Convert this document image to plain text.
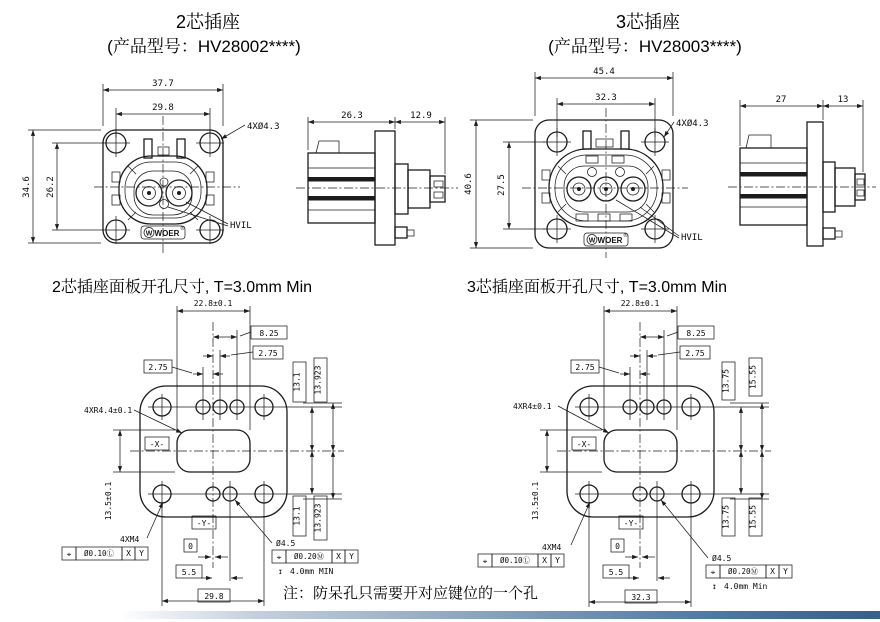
2芯插座
(产品型号：HV28002****)
3芯插座
(产品型号：HV28003****)
2芯插座面板开孔尺寸, T=3.0mm Min	3芯插座面板开孔尺寸, T=3.0mm Min
注：防呆孔只需要开对应键位的一个孔
W WOER ®
37.7
29.8
34.6 26.2
4XØ4.3
HVIL
26.3	12.9
W WOER ®
45.4
32.3
40.6	27.5
4XØ4.3
HVIL
27	13
22.8±0.1
8.25
2.75
2.75
13.1 13.923
13.1 13.923
13.5±0.1
4XR4.4±0.1
-X-
-Y-
4XM4
⌖ Ø0.10Ⓛ X Y
0
5.5
29.8
Ø4.5
⌖ Ø0.20Ⓜ X Y
↧ 4.0mm MIN
22.8±0.1
8.25
2.75
2.75
13.75 15.55
13.75 15.55
13.5±0.1
4XR4±0.1
-X-
-Y-
4XM4
⌖ Ø0.10Ⓛ X Y
0
5.5
32.3
Ø4.5
⌖ Ø0.20Ⓜ X Y
↧ 4.0mm Min
